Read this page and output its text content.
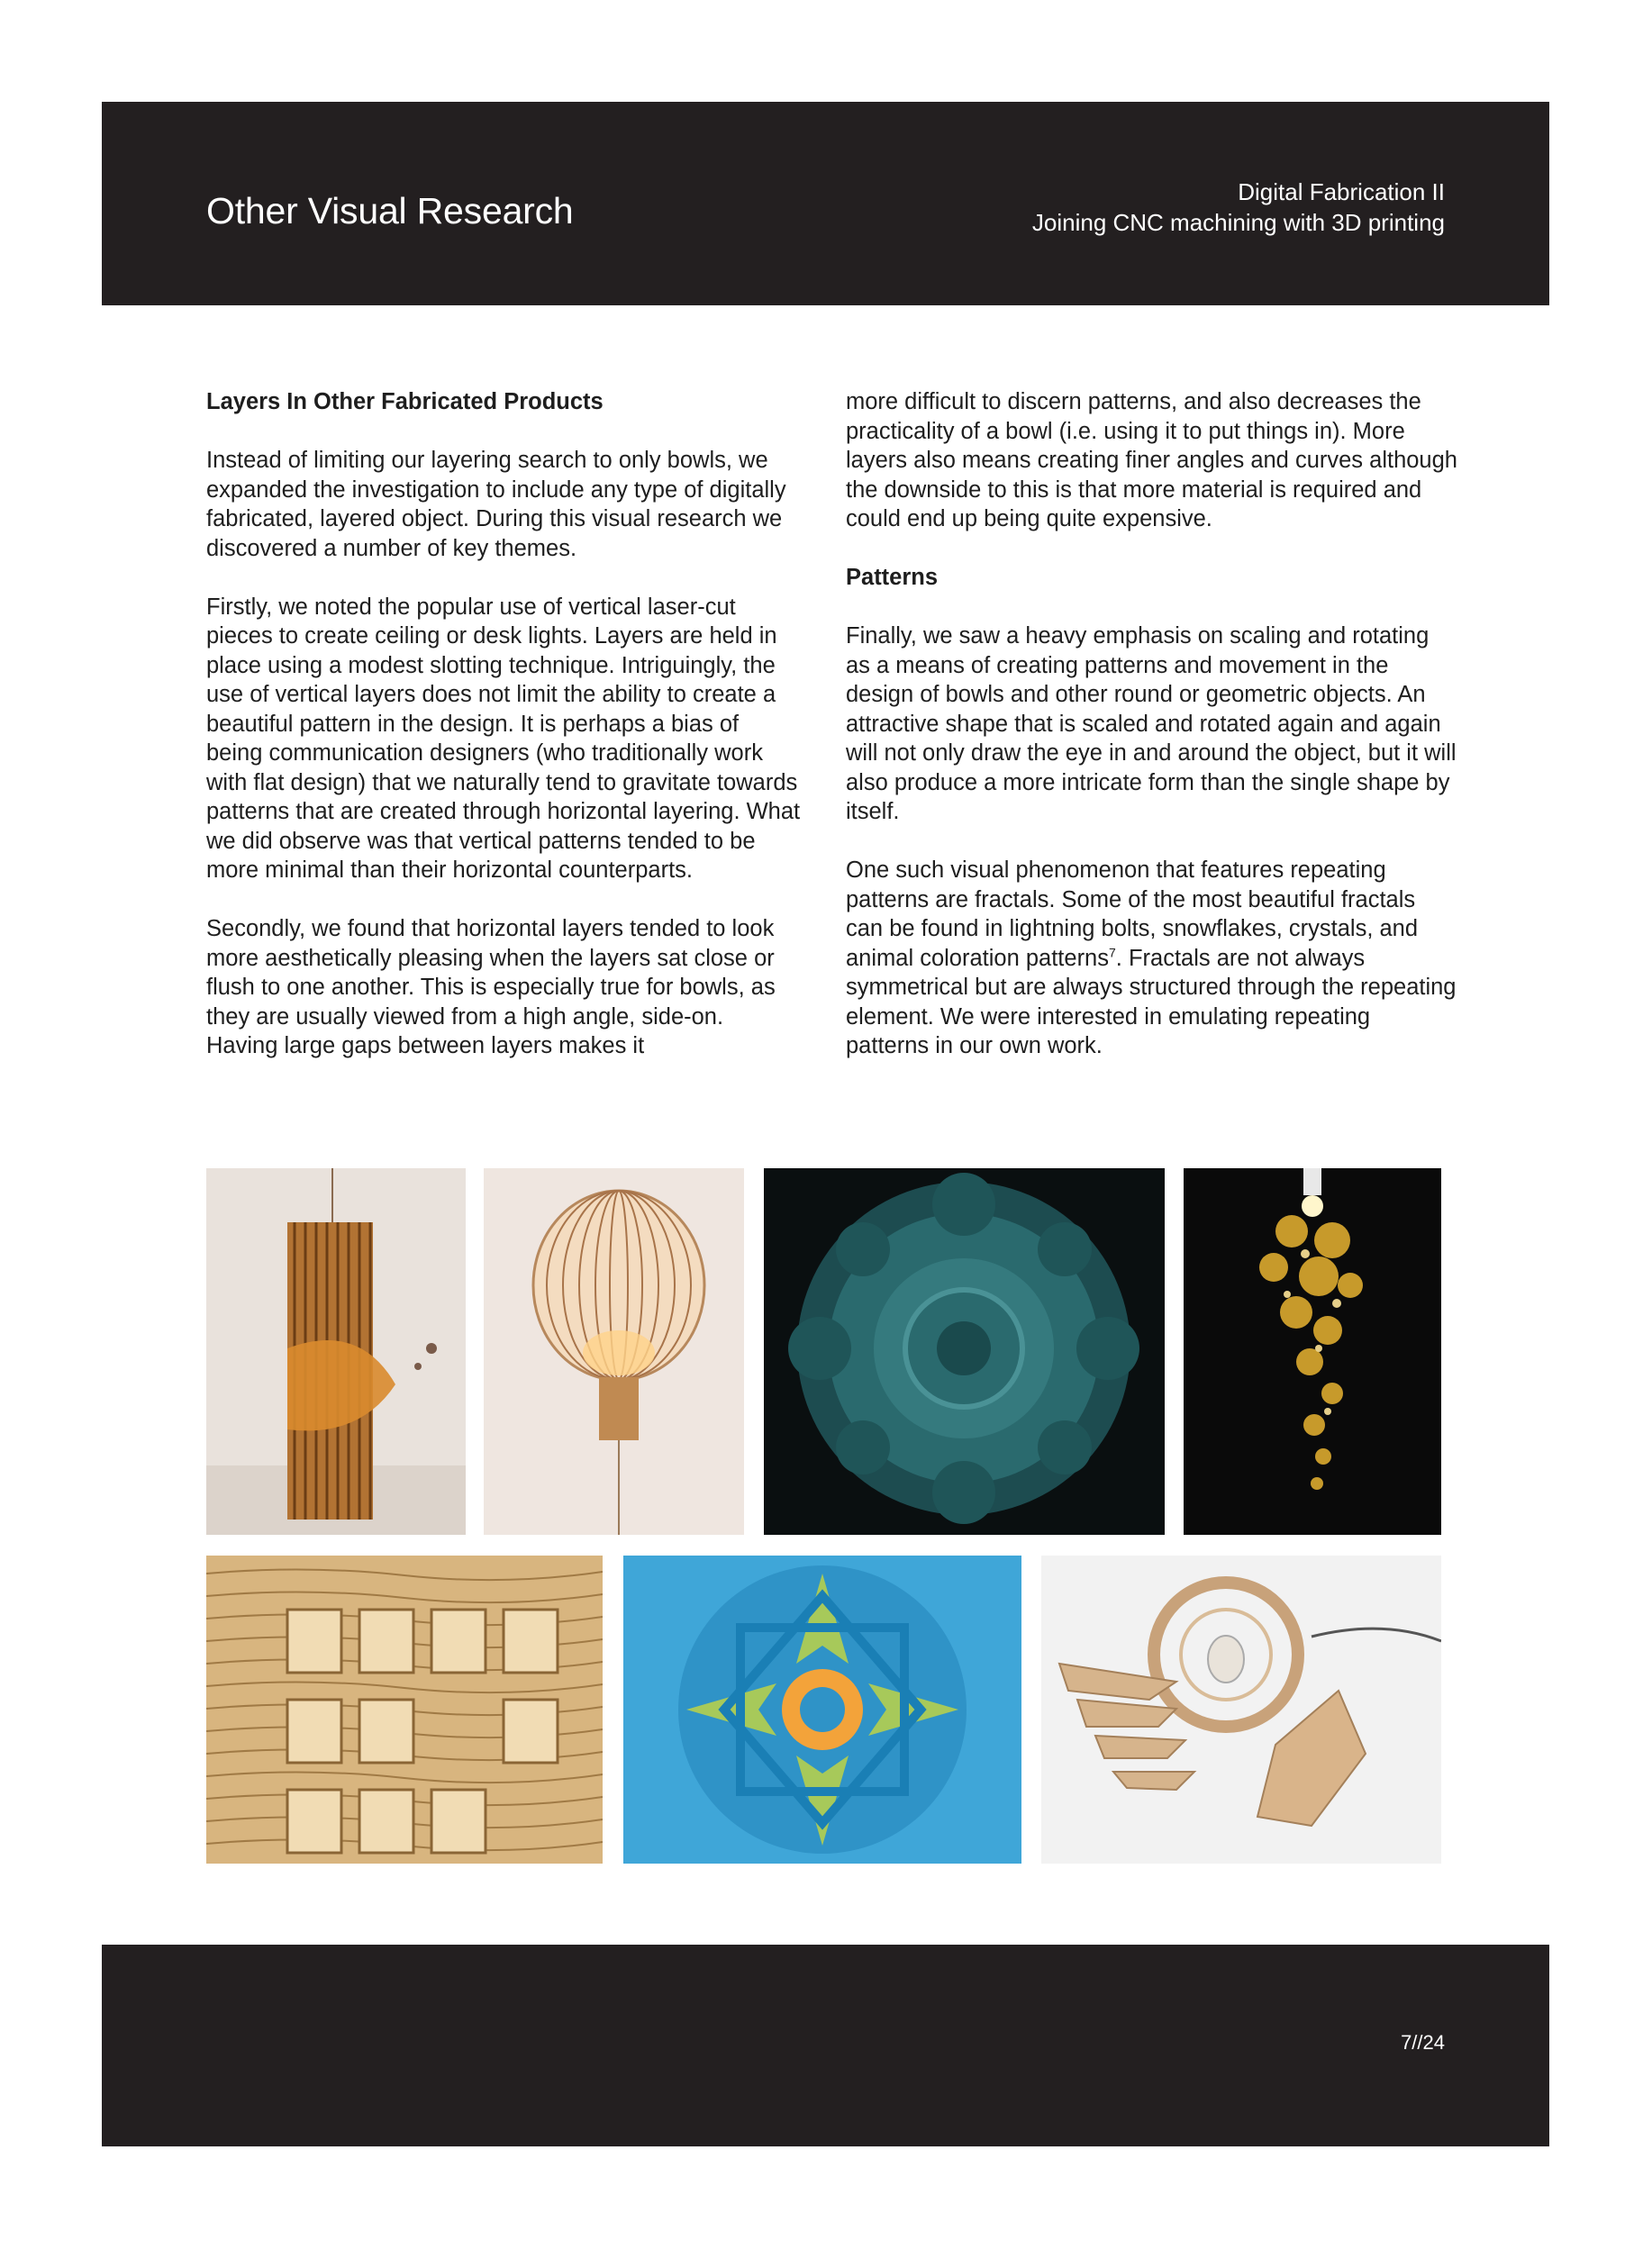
Other Visual Research	Digital Fabrication II
Joining CNC machining with 3D printing
Layers In Other Fabricated Products

Instead of limiting our layering search to only bowls, we expanded the investigation to include any type of digitally fabricated, layered object. During this visual research we discovered a number of key themes.

Firstly, we noted the popular use of vertical laser-cut pieces to create ceiling or desk lights. Layers are held in place using a modest slotting technique. Intriguingly, the use of vertical layers does not limit the ability to create a beautiful pattern in the design. It is perhaps a bias of being communication designers (who traditionally work with flat design) that we naturally tend to gravitate towards patterns that are created through horizontal layering. What we did observe was that vertical patterns tended to be more minimal than their horizontal counterparts.

Secondly, we found that horizontal layers tended to look more aesthetically pleasing when the layers sat close or flush to one another. This is especially true for bowls, as they are usually viewed from a high angle, side-on. Having large gaps between layers makes it

more difficult to discern patterns, and also decreases the practicality of a bowl (i.e. using it to put things in). More layers also means creating finer angles and curves although the downside to this is that more material is required and could end up being quite expensive.

Patterns

Finally, we saw a heavy emphasis on scaling and rotating as a means of creating patterns and movement in the design of bowls and other round or geometric objects. An attractive shape that is scaled and rotated again and again will not only draw the eye in and around the object, but it will also produce a more intricate form than the single shape by itself.

One such visual phenomenon that features repeating patterns are fractals. Some of the most beautiful fractals can be found in lightning bolts, snowflakes, crystals, and animal coloration patterns$^7$. Fractals are not always symmetrical but are always structured through the repeating element. We were interested in emulating repeating patterns in our own work.

7//24
